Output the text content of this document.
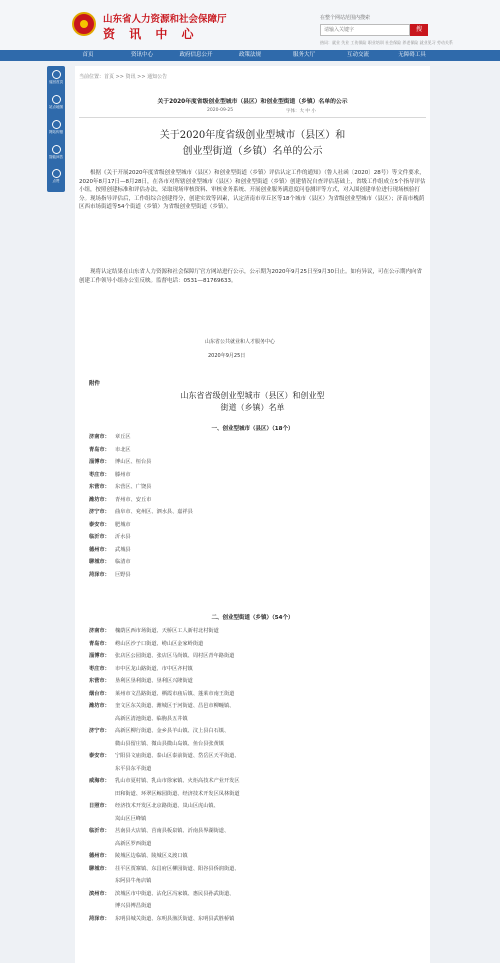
山东省人力资源和社会保障厅
资 讯 中 心
在整个网站范围内搜索
请输入关键字
搜
热词：就业 失业 工伤保险 职业培训 社会保险 养老保险 就业见习 劳动关系
首页	资讯中心	政府信息公开	政策法规	服务大厅	互动交流	无障碍工具
返回首页
站点地图
网站纠错
智能问答
点赞
当前位置：首页 >> 资讯 >> 通知公告
关于2020年度省级创业型城市（县区）和创业型街道（乡镇）名单的公示
2020-09-25	字体：大 中 小
关于2020年度省级创业型城市（县区）和
创业型街道（乡镇）名单的公示
根据《关于开展2020年度省级创业型城市（县区）和创业型街道（乡镇）评估认定工作的通知》（鲁人社函〔2020〕28号）等文件要求，2020年8月17日—8月28日，在各市对所辖创业型城市（县区）和创业型街道（乡镇）创建情况自查评估基础上，省级工作组成立5个指导评估小组，按照创建标准和评估办法，采取现场审核资料、审核业务系统、开展创业服务满意度问卷测评等方式，对入围创建单位进行现场核验打分。现场指导评估后，工作组综合创建得分，创建实效等因素，认定济南市章丘区等18个城市（县区）为省级创业型城市（县区）；济南市槐荫区西市场街道等54个街道（乡镇）为省级创业型街道（乡镇）。
现将认定结果在山东省人力资源和社会保障厅官方网站进行公示，公示期为2020年9月25日至9月30日止。如有异议，可在公示期内向省创建工作领导小组办公室反映。监督电话：0531—81769633。
山东省公共就业和人才服务中心
2020年9月25日
附件
山东省省级创业型城市（县区）和创业型
街道（乡镇）名单
一、创业型城市（县区）（18个）
济南市： 章丘区
青岛市： 市北区
淄博市： 博山区、桓台县
枣庄市： 滕州市
东营市： 东营区、广饶县
潍坊市： 青州市、安丘市
济宁市： 曲阜市、兖州区、泗水县、嘉祥县
泰安市： 肥城市
临沂市： 沂水县
德州市： 武城县
聊城市： 临清市
菏泽市： 巨野县
二、创业型街道（乡镇）（54个）
济南市： 槐荫区西市场街道、天桥区工人新村北村街道
青岛市： 崂山区沙子口街道、崂山区金家岭街道
淄博市： 张店区公园街道、张店区马尚镇、周村区青年路街道
枣庄市： 市中区龙山路街道、市中区齐村镇
东营市： 垦利区垦利街道、垦利区兴隆街道
烟台市： 莱州市文昌路街道、栖霞市庙后镇、蓬莱市南王街道
潍坊市： 奎文区东关街道、潍城区于河街道、昌邑市柳疃镇、
高新区清池街道、临朐县五井镇
济宁市： 高新区柳行街道、金乡县羊山镇、汶上县白石镇、
微山县留庄镇、微山县微山岛镇、鱼台县张黄镇
泰安市： 宁阳县文庙街道、泰山区泰前街道、岱岳区天平街道、
东平县东平街道
威海市： 乳山市夏村镇、乳山市徐家镇、火炬高技术产业开发区
田和街道、环翠区鲸园街道、经济技术开发区凤林街道
日照市： 经济技术开发区北京路街道、岚山区虎山镇、
岚山区巨峰镇
临沂市： 莒南县大店镇、莒南县板泉镇、沂南县界湖街道、
高新区罗西街道
德州市： 陵城区边临镇、陵城区义渡口镇
聊城市： 茌平区贾寨镇、东昌府区柳园街道、阳谷县侨润街道、
东阿县牛角店镇
滨州市： 滨城区市中街道、沾化区冯家镇、惠民县孙武街道、
博兴县博昌街道
菏泽市： 东明县城关街道、东明县渔沃街道、东明县武胜桥镇
